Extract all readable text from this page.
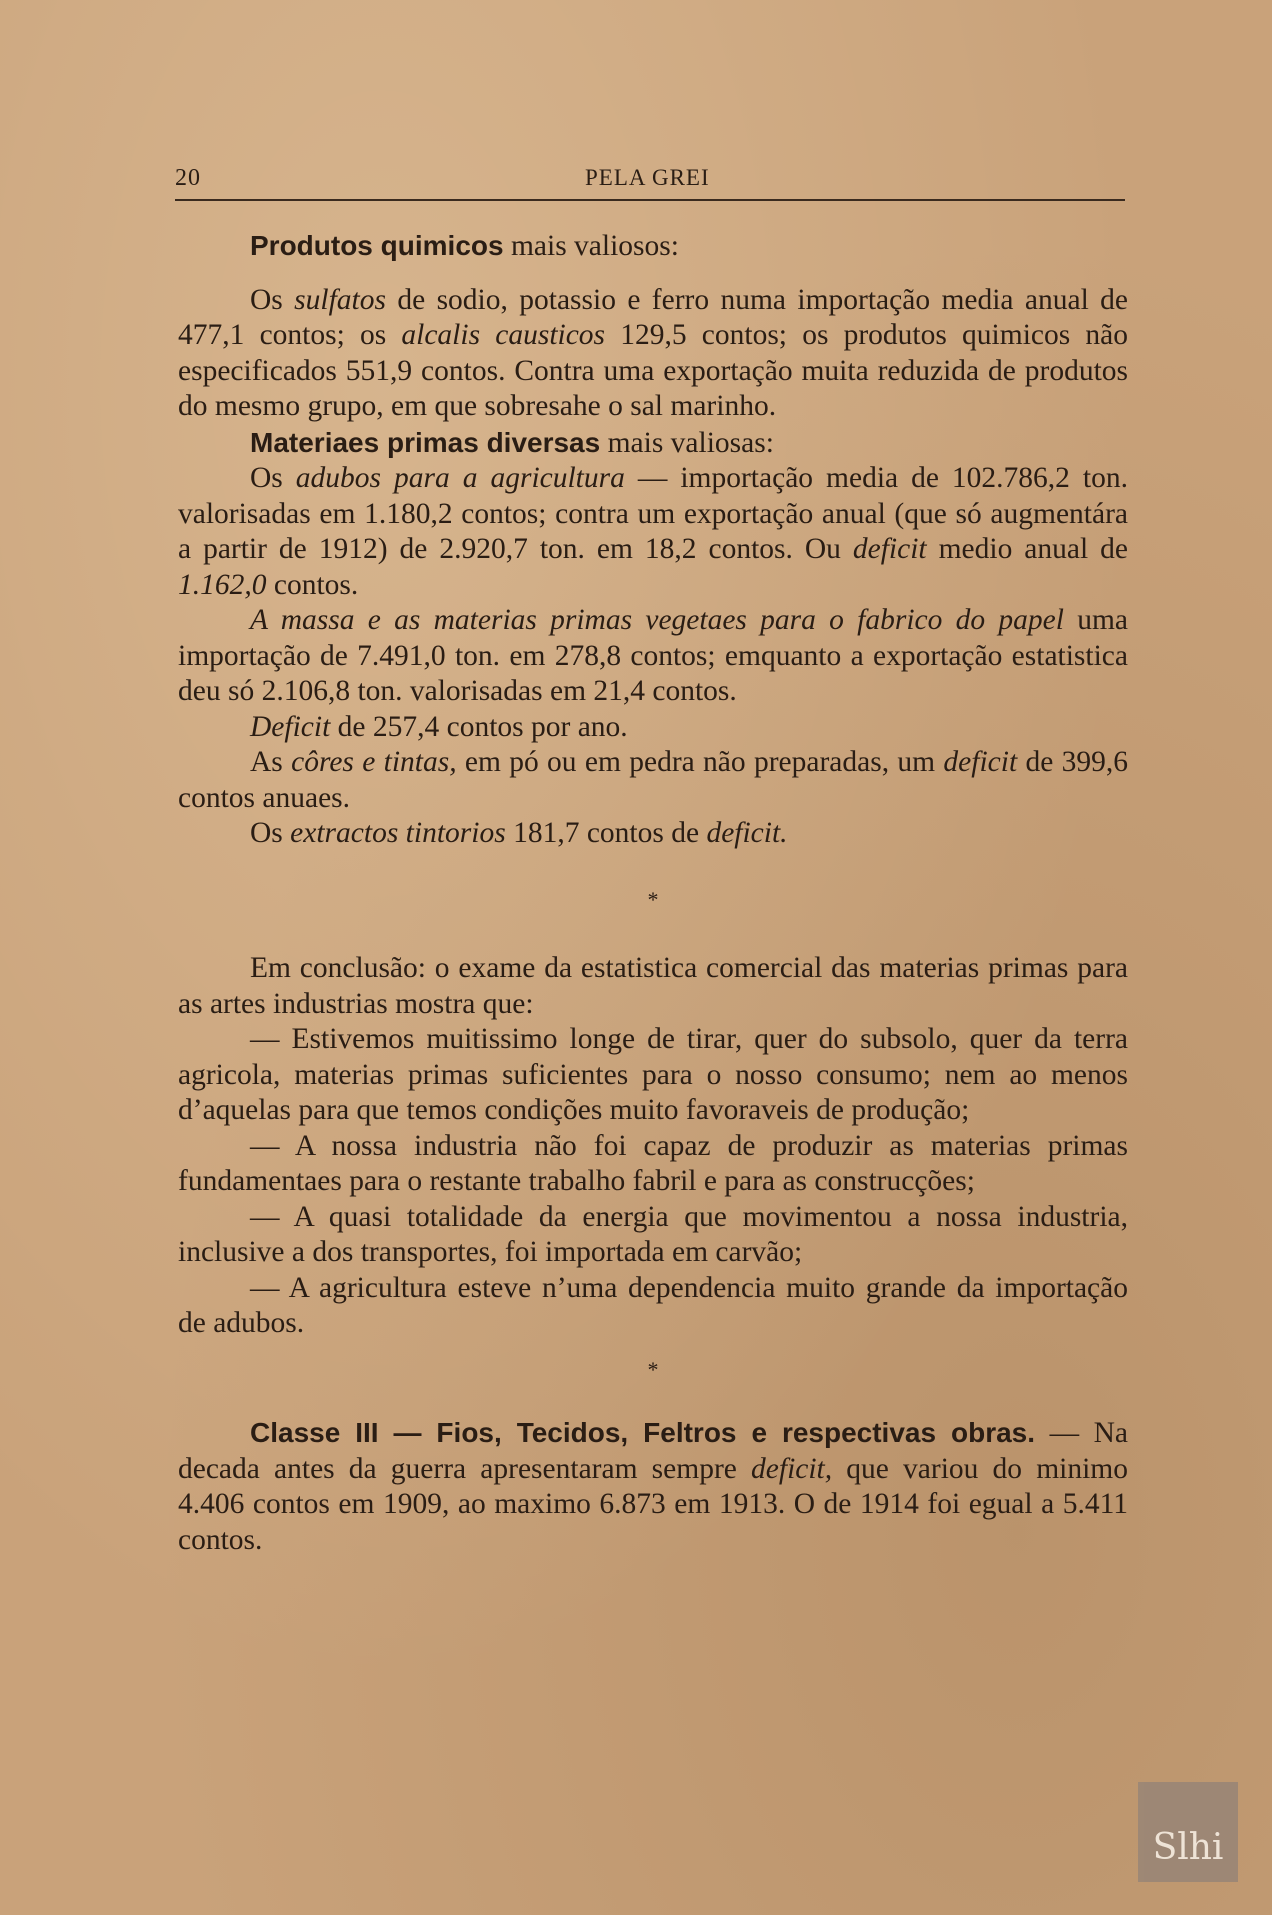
20	PELA GREI

Produtos quimicos mais valiosos:

Os sulfatos de sodio, potassio e ferro numa importação media anual de 477,1 contos; os alcalis causticos 129,5 contos; os produtos quimicos não especificados 551,9 contos. Contra uma exportação muita reduzida de produtos do mesmo grupo, em que sobresahe o sal marinho.

Materiaes primas diversas mais valiosas:

Os adubos para a agricultura — importação media de 102.786,2 ton. valorisadas em 1.180,2 contos; contra um exportação anual (que só augmentára a partir de 1912) de 2.920,7 ton. em 18,2 contos. Ou deficit medio anual de 1.162,0 contos.

A massa e as materias primas vegetaes para o fabrico do papel uma importação de 7.491,0 ton. em 278,8 contos; emquanto a exportação estatistica deu só 2.106,8 ton. valorisadas em 21,4 contos.

Deficit de 257,4 contos por ano.

As côres e tintas, em pó ou em pedra não preparadas, um deficit de 399,6 contos anuaes.

Os extractos tintorios 181,7 contos de deficit.

*

Em conclusão: o exame da estatistica comercial das materias primas para as artes industrias mostra que:

— Estivemos muitissimo longe de tirar, quer do subsolo, quer da terra agricola, materias primas suficientes para o nosso consumo; nem ao menos d’aquelas para que temos condições muito favoraveis de produção;

— A nossa industria não foi capaz de produzir as materias primas fundamentaes para o restante trabalho fabril e para as construcções;

— A quasi totalidade da energia que movimentou a nossa industria, inclusive a dos transportes, foi importada em carvão;

— A agricultura esteve n’uma dependencia muito grande da importação de adubos.

*

Classe III — Fios, Tecidos, Feltros e respectivas obras. — Na decada antes da guerra apresentaram sempre deficit, que variou do minimo 4.406 contos em 1909, ao maximo 6.873 em 1913. O de 1914 foi egual a 5.411 contos.

Slhi
